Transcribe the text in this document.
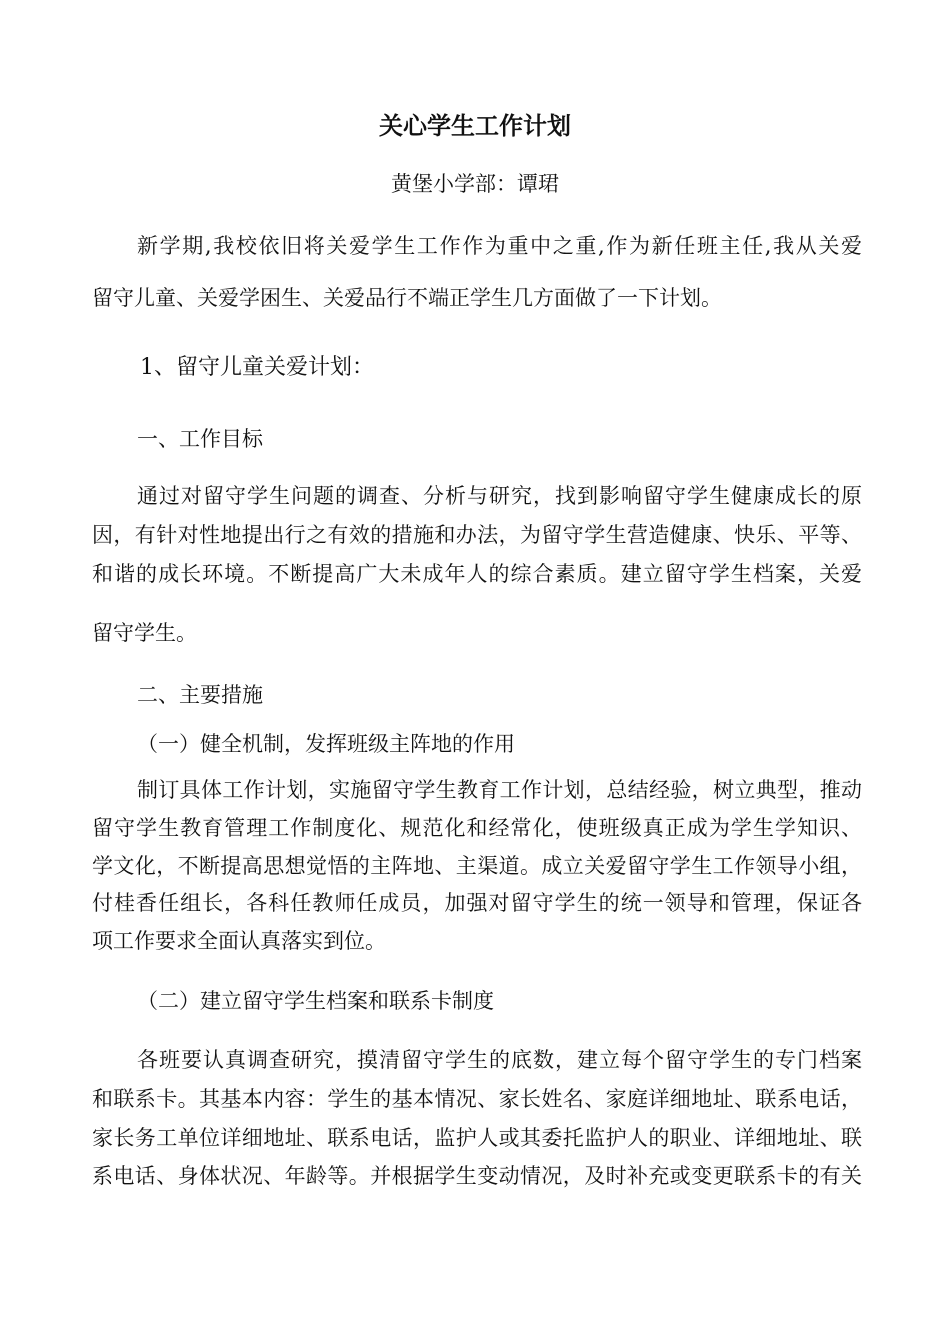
关心学生工作计划
黄堡小学部：谭珺
新学期,我校依旧将关爱学生工作作为重中之重,作为新任班主任,我从关爱
留守儿童、关爱学困生、关爱品行不端正学生几方面做了一下计划。
1、留守儿童关爱计划：
一、工作目标
通过对留守学生问题的调查、分析与研究，找到影响留守学生健康成长的原
因，有针对性地提出行之有效的措施和办法，为留守学生营造健康、快乐、平等、
和谐的成长环境。不断提高广大未成年人的综合素质。建立留守学生档案，关爱
留守学生。
二、主要措施
（一）健全机制，发挥班级主阵地的作用
制订具体工作计划，实施留守学生教育工作计划，总结经验，树立典型，推动
留守学生教育管理工作制度化、规范化和经常化，使班级真正成为学生学知识、
学文化，不断提高思想觉悟的主阵地、主渠道。成立关爱留守学生工作领导小组，
付桂香任组长，各科任教师任成员，加强对留守学生的统一领导和管理，保证各
项工作要求全面认真落实到位。
（二）建立留守学生档案和联系卡制度
各班要认真调查研究，摸清留守学生的底数，建立每个留守学生的专门档案
和联系卡。其基本内容：学生的基本情况、家长姓名、家庭详细地址、联系电话，
家长务工单位详细地址、联系电话，监护人或其委托监护人的职业、详细地址、联
系电话、身体状况、年龄等。并根据学生变动情况，及时补充或变更联系卡的有关
